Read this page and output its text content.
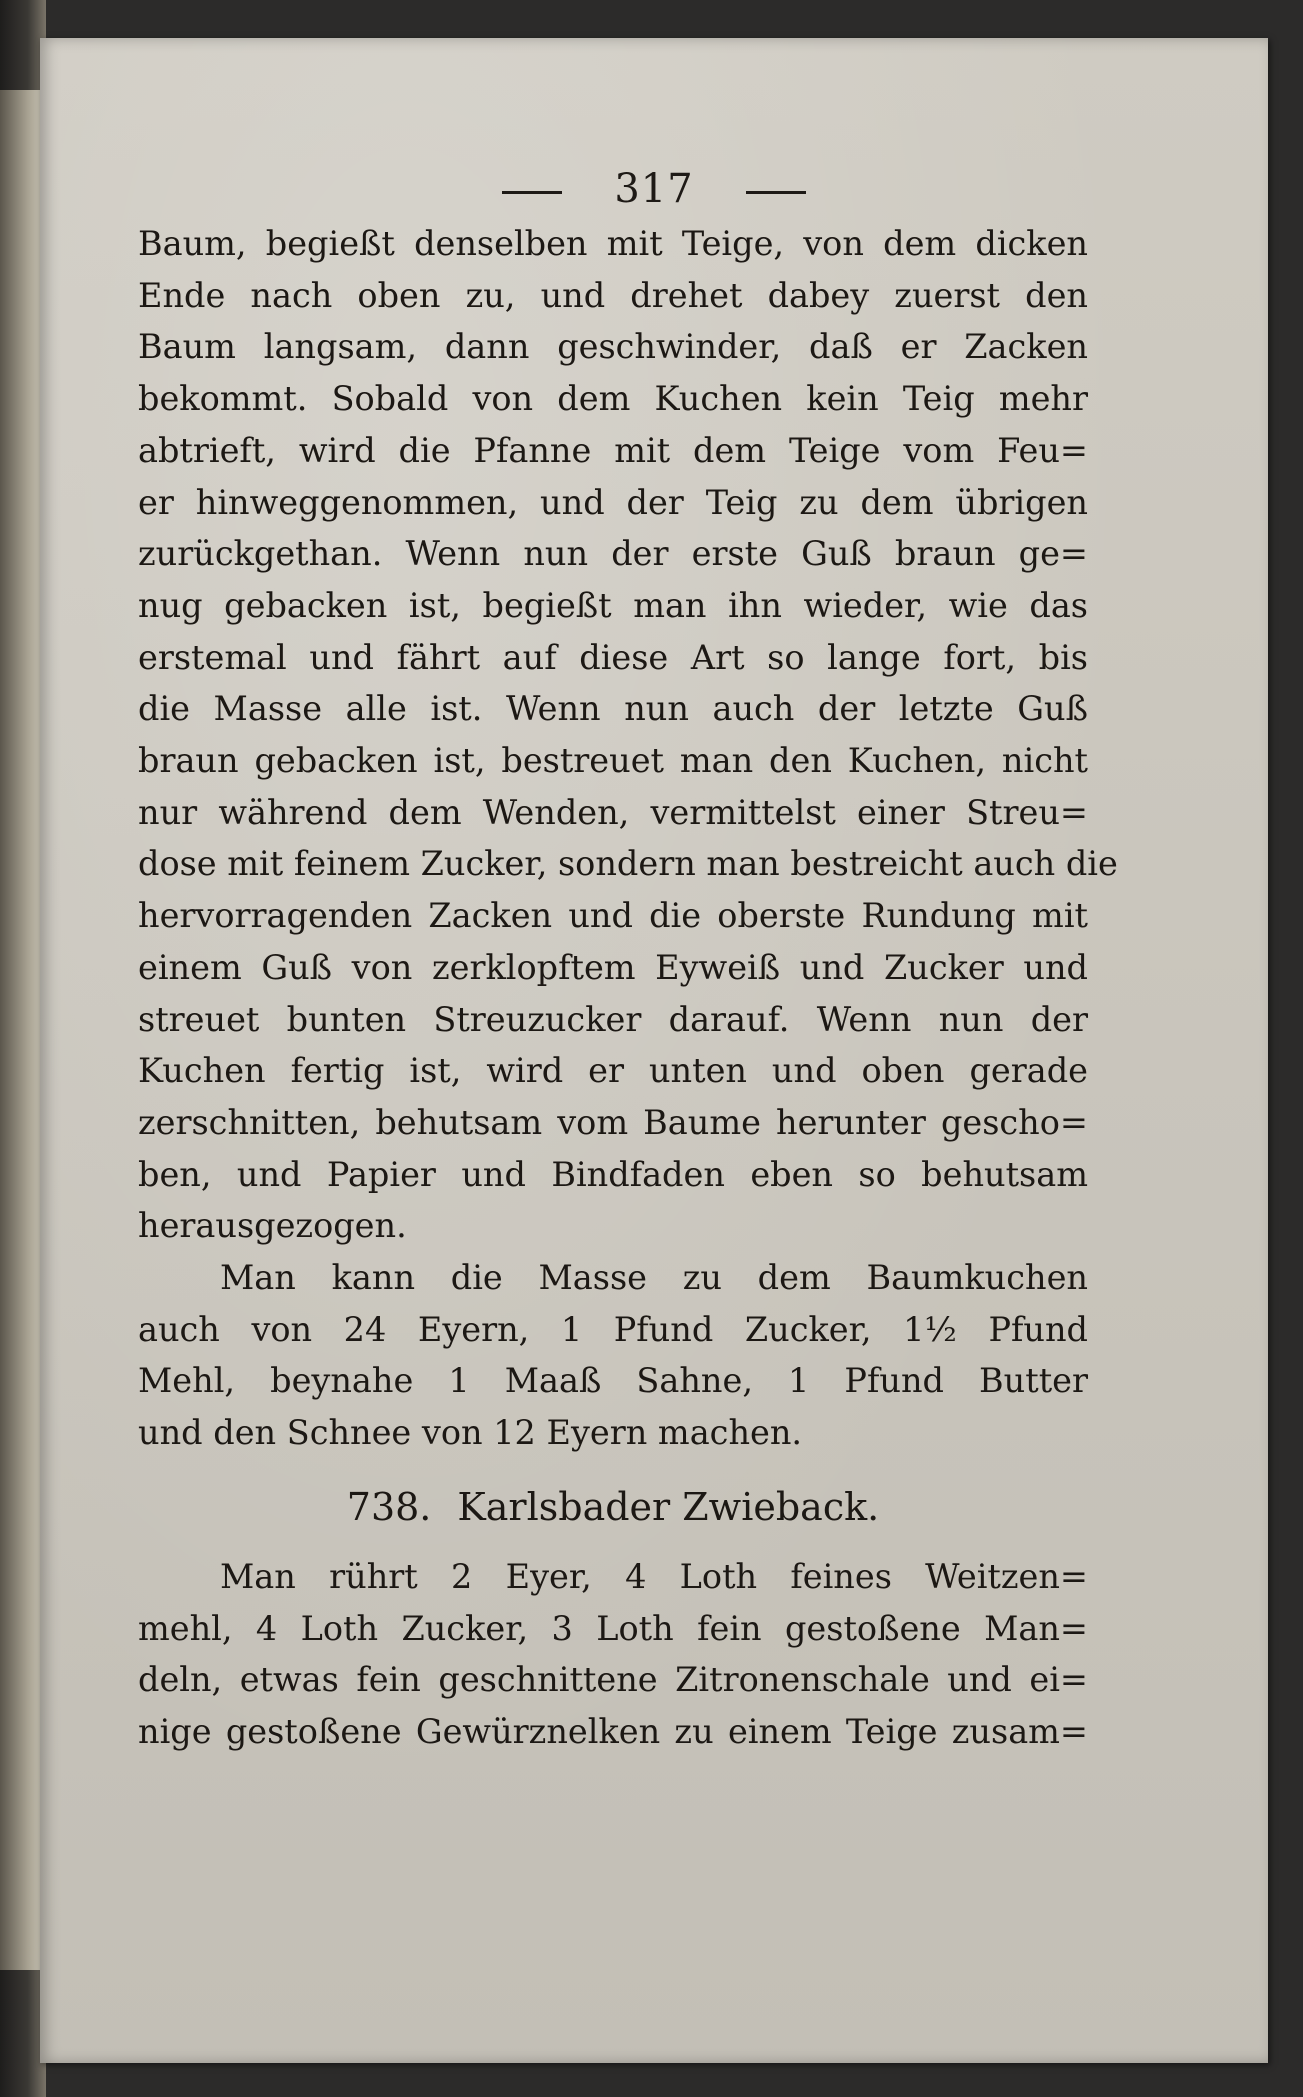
317
Baum, begießt denselben mit Teige, von dem dicken
Ende nach oben zu, und drehet dabey zuerst den
Baum langsam, dann geschwinder, daß er Zacken
bekommt. Sobald von dem Kuchen kein Teig mehr
abtrieft, wird die Pfanne mit dem Teige vom Feu=
er hinweggenommen, und der Teig zu dem übrigen
zurückgethan. Wenn nun der erste Guß braun ge=
nug gebacken ist, begießt man ihn wieder, wie das
erstemal und fährt auf diese Art so lange fort, bis
die Masse alle ist. Wenn nun auch der letzte Guß
braun gebacken ist, bestreuet man den Kuchen, nicht
nur während dem Wenden, vermittelst einer Streu=
dose mit feinem Zucker, sondern man bestreicht auch die
hervorragenden Zacken und die oberste Rundung mit
einem Guß von zerklopftem Eyweiß und Zucker und
streuet bunten Streuzucker darauf. Wenn nun der
Kuchen fertig ist, wird er unten und oben gerade
zerschnitten, behutsam vom Baume herunter gescho=
ben, und Papier und Bindfaden eben so behutsam
herausgezogen.
Man kann die Masse zu dem Baumkuchen
auch von 24 Eyern, 1 Pfund Zucker, 1½ Pfund
Mehl, beynahe 1 Maaß Sahne, 1 Pfund Butter
und den Schnee von 12 Eyern machen.
738. Karlsbader Zwieback.
Man rührt 2 Eyer, 4 Loth feines Weitzen=
mehl, 4 Loth Zucker, 3 Loth fein gestoßene Man=
deln, etwas fein geschnittene Zitronenschale und ei=
nige gestoßene Gewürznelken zu einem Teige zusam=
